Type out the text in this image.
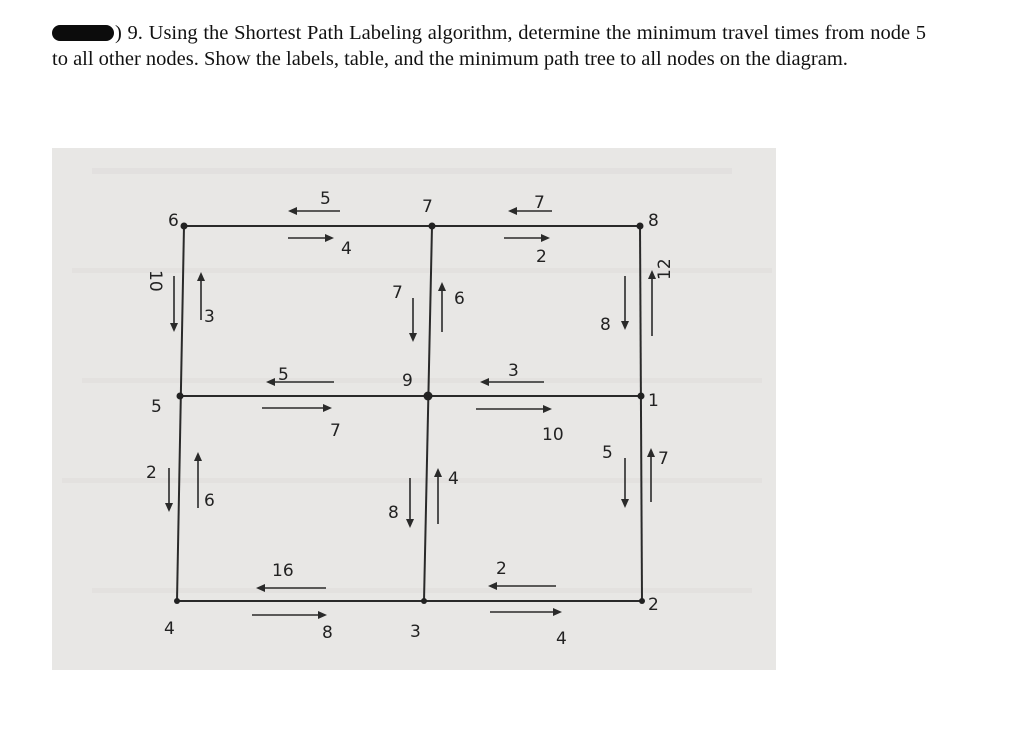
) 9. Using the Shortest Path Labeling algorithm, determine the minimum travel times from node 5 to all other nodes. Show the labels, table, and the minimum path tree to all nodes on the diagram.
6
7
8
5
9
1
4	3
2
5
4
7
2
5
7
3
10
16
8
2
4
10
3
2
6
7	6
8
4
8
12
5	7
